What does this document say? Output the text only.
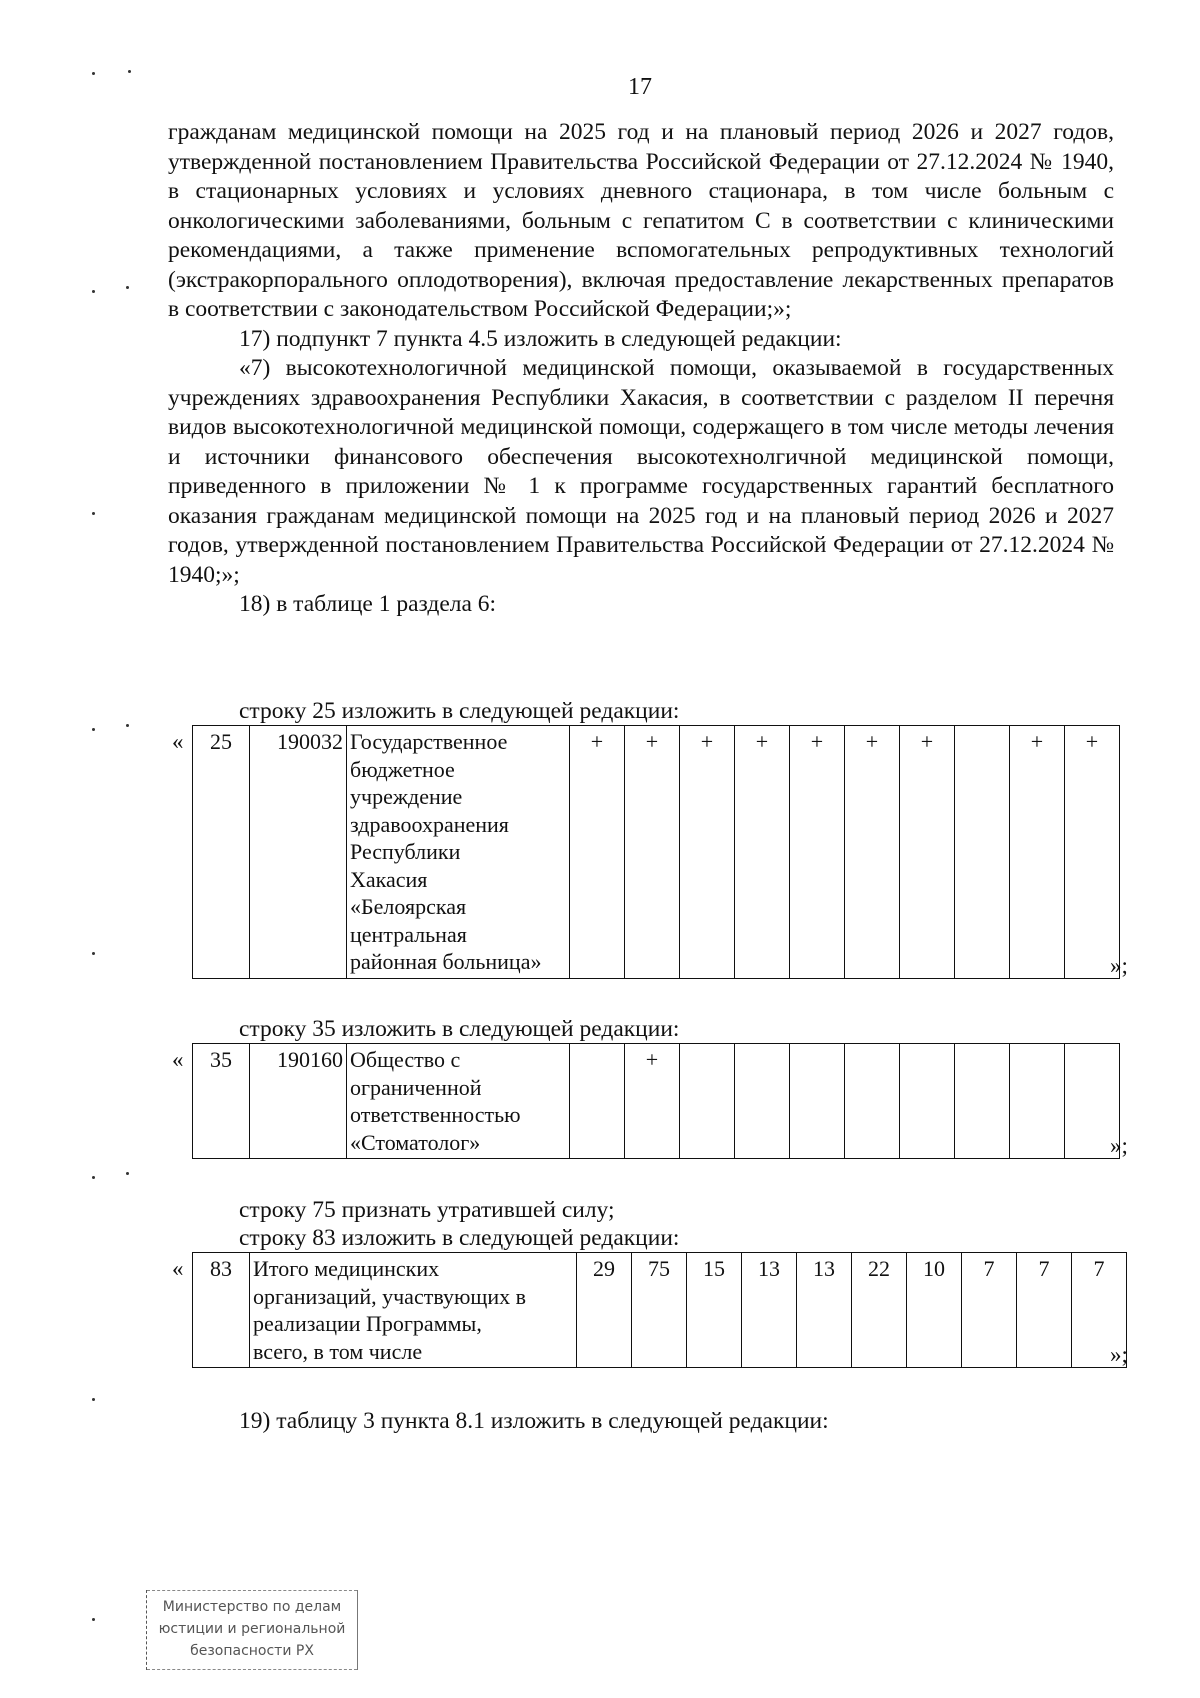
17

гражданам медицинской помощи на 2025 год и на плановый период 2026 и 2027 годов, утвержденной постановлением Правительства Российской Федерации от 27.12.2024 № 1940, в стационарных условиях и условиях дневного стационара, в том числе больным с онкологическими заболеваниями, больным с гепатитом С в соответствии с клиническими рекомендациями, а также применение вспомогательных репродуктивных технологий (экстракорпорального оплодотворения), включая предоставление лекарственных препаратов в соответствии с законодательством Российской Федерации;»;

17) подпункт 7 пункта 4.5 изложить в следующей редакции:

«7) высокотехнологичной медицинской помощи, оказываемой в государственных учреждениях здравоохранения Республики Хакасия, в соответствии с разделом II перечня видов высокотехнологичной медицинской помощи, содержащего в том числе методы лечения и источники финансового обеспечения высокотехнолгичной медицинской помощи, приведенного в приложении № 1 к программе государственных гарантий бесплатного оказания гражданам медицинской помощи на 2025 год и на плановый период 2026 и 2027 годов, утвержденной постановлением Правительства Российской Федерации от 27.12.2024 № 1940;»;

18) в таблице 1 раздела 6:

строку 25 изложить в следующей редакции:
« 25	190032	Государственное
бюджетное
учреждение
здравоохранения
Республики
Хакасия
«Белоярская
центральная
районная больница»
	+	+	+	+	+	+	+		+	+
»;
строку 35 изложить в следующей редакции:
« 35	190160	Общество с
ограниченной
ответственностью
«Стоматолог»
		+								
»;
строку 75 признать утратившей силу;
строку 83 изложить в следующей редакции:
« 83	Итого медицинских
организаций, участвующих в
реализации Программы,
всего, в том числе
	29	75	15	13	13	22	10	7	7	7
»;
19) таблицу 3 пункта 8.1 изложить в следующей редакции:
Министерство по делам
юстиции и региональной
безопасности РХ
